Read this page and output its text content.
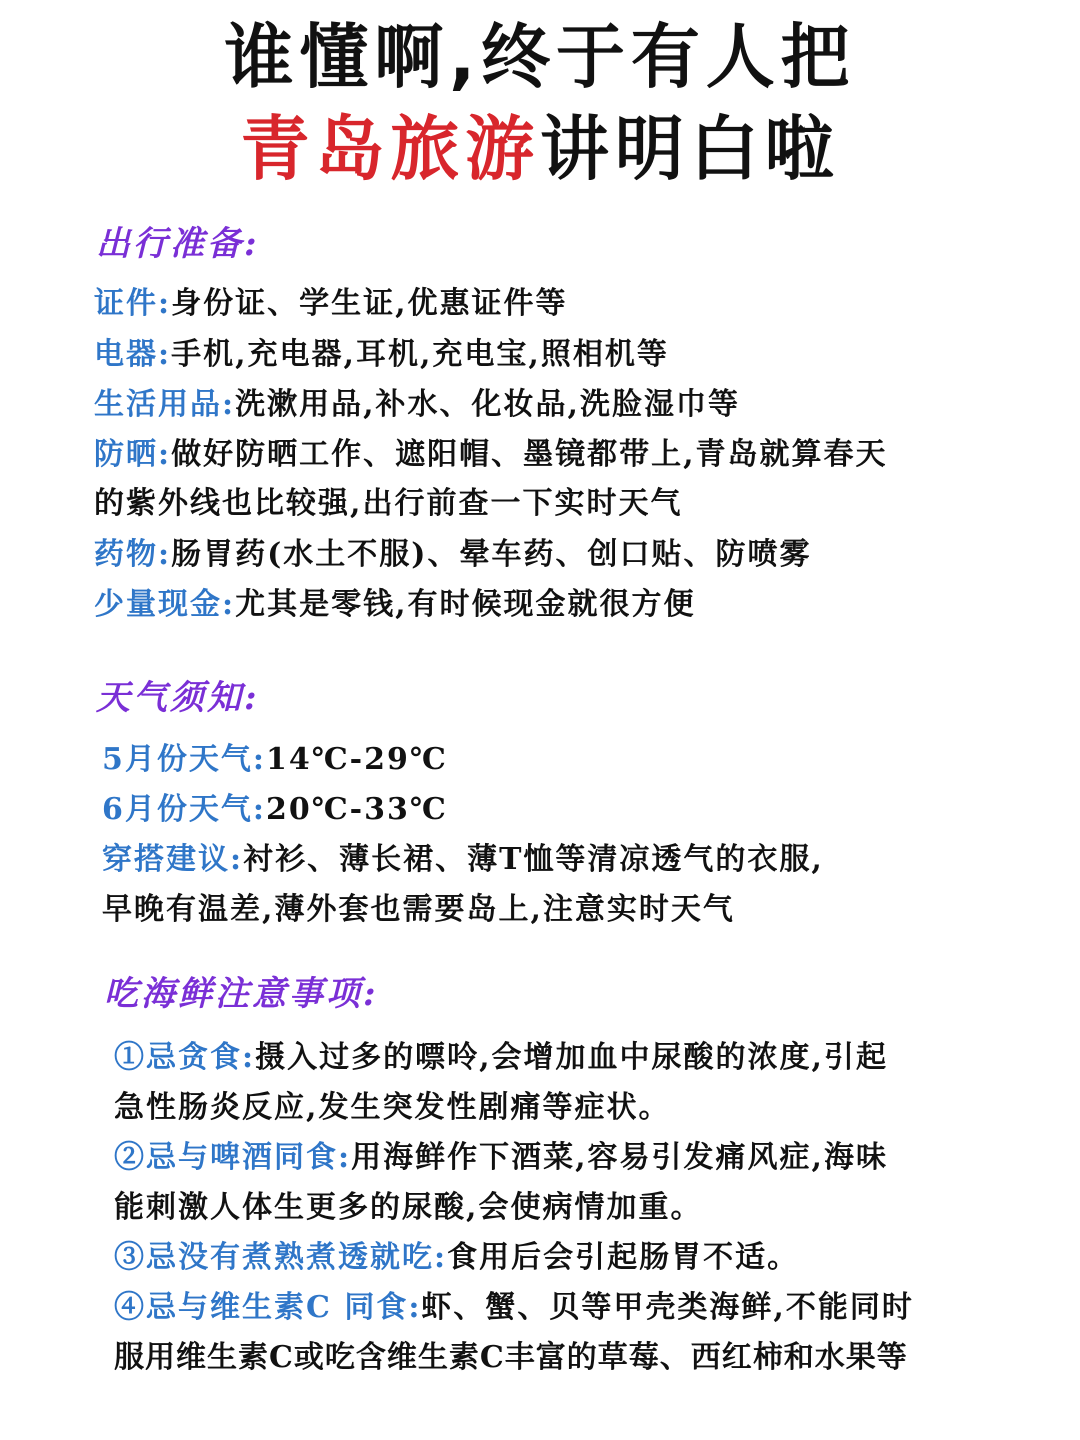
谁懂啊,终于有人把
青岛旅游讲明白啦
出行准备:
证件:身份证、学生证,优惠证件等
电器:手机,充电器,耳机,充电宝,照相机等
生活用品:洗漱用品,补水、化妆品,洗脸湿巾等
防晒:做好防晒工作、遮阳帽、墨镜都带上,青岛就算春天
的紫外线也比较强,出行前查一下实时天气
药物:肠胃药(水土不服)、晕车药、创口贴、防喷雾
少量现金:尤其是零钱,有时候现金就很方便
天气须知:
5月份天气:14℃-29℃
6月份天气:20℃-33℃
穿搭建议:衬衫、薄长裙、薄T恤等清凉透气的衣服,
早晚有温差,薄外套也需要岛上,注意实时天气
吃海鲜注意事项:
①忌贪食:摄入过多的嘌呤,会增加血中尿酸的浓度,引起
急性肠炎反应,发生突发性剧痛等症状。
②忌与啤酒同食:用海鲜作下酒菜,容易引发痛风症,海味
能刺激人体生更多的尿酸,会使病情加重。
③忌没有煮熟煮透就吃:食用后会引起肠胃不适。
④忌与维生素C 同食:虾、蟹、贝等甲壳类海鲜,不能同时
服用维生素C或吃含维生素C丰富的草莓、西红柿和水果等
